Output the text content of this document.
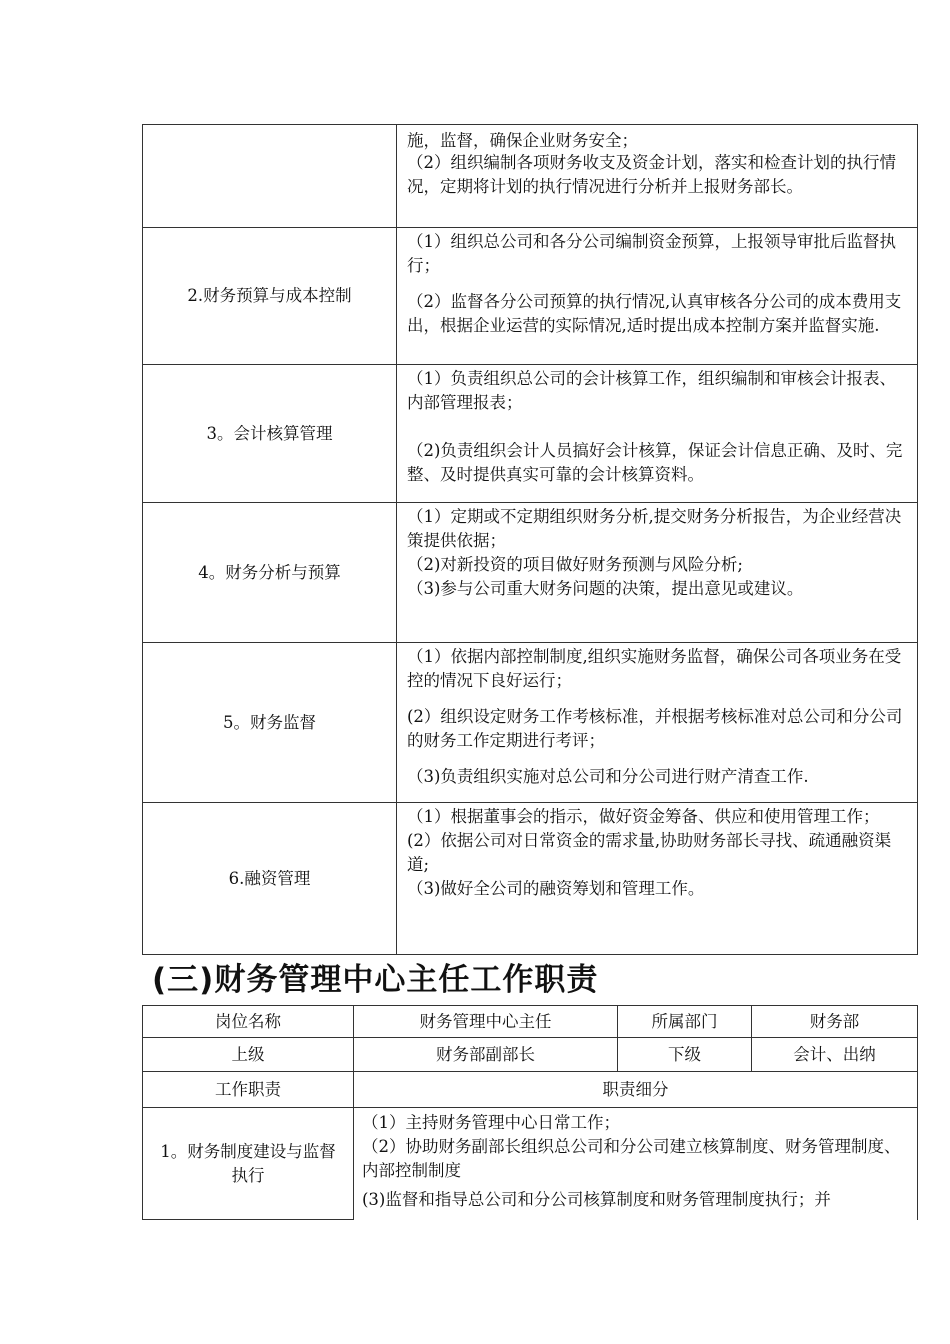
	施，监督，确保企业财务安全；

（2）组织编制各项财务收支及资金计划，落实和检查计划的执行情况，定期将计划的执行情况进行分析并上报财务部长。

2.财务预算与成本控制	（1）组织总公司和各分公司编制资金预算，上报领导审批后监督执行；

（2）监督各分公司预算的执行情况,认真审核各分公司的成本费用支出，根据企业运营的实际情况,适时提出成本控制方案并监督实施.

3。会计核算管理	（1）负责组织总公司的会计核算工作，组织编制和审核会计报表、内部管理报表；

（2)负责组织会计人员搞好会计核算，保证会计信息正确、及时、完整、及时提供真实可靠的会计核算资料。

4。财务分析与预算	（1）定期或不定期组织财务分析,提交财务分析报告，为企业经营决策提供依据；

（2)对新投资的项目做好财务预测与风险分析;

（3)参与公司重大财务问题的决策，提出意见或建议。

5。财务监督	（1）依据内部控制制度,组织实施财务监督，确保公司各项业务在受控的情况下良好运行；

(2）组织设定财务工作考核标准，并根据考核标准对总公司和分公司的财务工作定期进行考评；

（3)负责组织实施对总公司和分公司进行财产清查工作.

6.融资管理	（1）根据董事会的指示，做好资金筹备、供应和使用管理工作；

(2）依据公司对日常资金的需求量,协助财务部长寻找、疏通融资渠道;

（3)做好全公司的融资筹划和管理工作。

(三)财务管理中心主任工作职责
岗位名称	财务管理中心主任	所属部门	财务部
上级	财务部副部长	下级	会计、出纳
工作职责	职责细分		
1。财务制度建设与监督执行	（1）主持财务管理中心日常工作；

（2）协助财务副部长组织总公司和分公司建立核算制度、财务管理制度、内部控制制度

(3)监督和指导总公司和分公司核算制度和财务管理制度执行；并		
